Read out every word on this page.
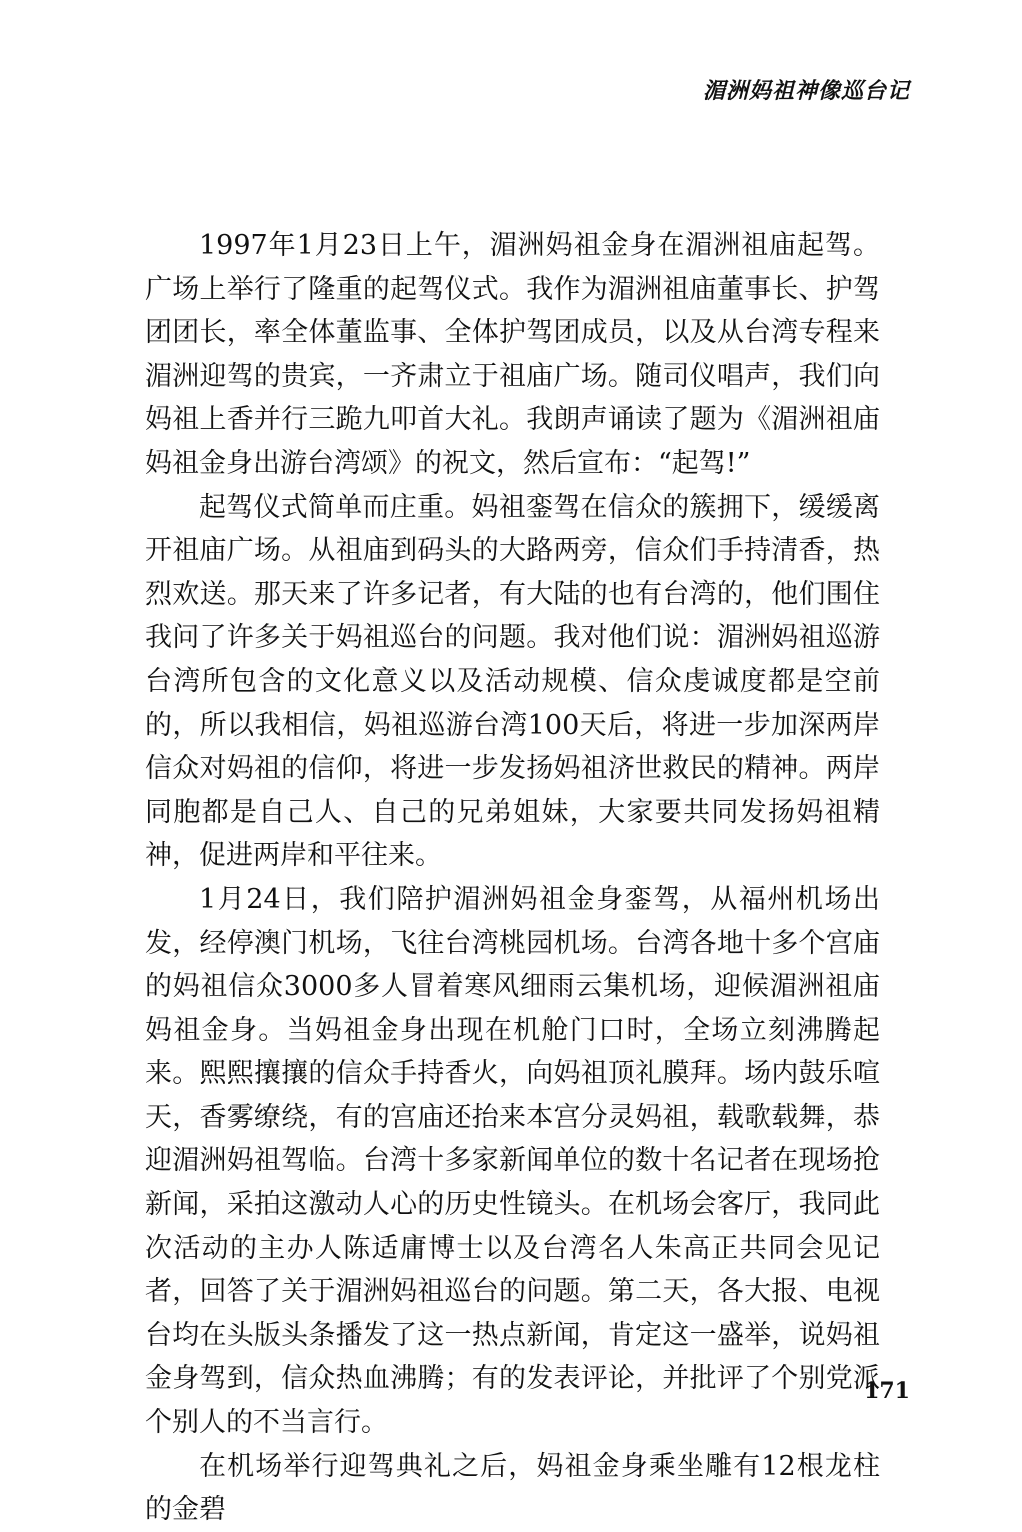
湄洲妈祖神像巡台记

1997年1月23日上午，湄洲妈祖金身在湄洲祖庙起驾。广场上举行了隆重的起驾仪式。我作为湄洲祖庙董事长、护驾团团长，率全体董监事、全体护驾团成员，以及从台湾专程来湄洲迎驾的贵宾，一齐肃立于祖庙广场。随司仪唱声，我们向妈祖上香并行三跪九叩首大礼。我朗声诵读了题为《湄洲祖庙妈祖金身出游台湾颂》的祝文，然后宣布：“起驾!”

起驾仪式简单而庄重。妈祖銮驾在信众的簇拥下，缓缓离开祖庙广场。从祖庙到码头的大路两旁，信众们手持清香，热烈欢送。那天来了许多记者，有大陆的也有台湾的，他们围住我问了许多关于妈祖巡台的问题。我对他们说：湄洲妈祖巡游台湾所包含的文化意义以及活动规模、信众虔诚度都是空前的，所以我相信，妈祖巡游台湾100天后，将进一步加深两岸信众对妈祖的信仰，将进一步发扬妈祖济世救民的精神。两岸同胞都是自己人、自己的兄弟姐妹，大家要共同发扬妈祖精神，促进两岸和平往来。

1月24日，我们陪护湄洲妈祖金身銮驾，从福州机场出发，经停澳门机场，飞往台湾桃园机场。台湾各地十多个宫庙的妈祖信众3000多人冒着寒风细雨云集机场，迎候湄洲祖庙妈祖金身。当妈祖金身出现在机舱门口时，全场立刻沸腾起来。熙熙攘攘的信众手持香火，向妈祖顶礼膜拜。场内鼓乐喧天，香雾缭绕，有的宫庙还抬来本宫分灵妈祖，载歌载舞，恭迎湄洲妈祖驾临。台湾十多家新闻单位的数十名记者在现场抢新闻，采拍这激动人心的历史性镜头。在机场会客厅，我同此次活动的主办人陈适庸博士以及台湾名人朱高正共同会见记者，回答了关于湄洲妈祖巡台的问题。第二天，各大报、电视台均在头版头条播发了这一热点新闻，肯定这一盛举，说妈祖金身驾到，信众热血沸腾；有的发表评论，并批评了个别党派个别人的不当言行。

在机场举行迎驾典礼之后，妈祖金身乘坐雕有12根龙柱的金碧

171
